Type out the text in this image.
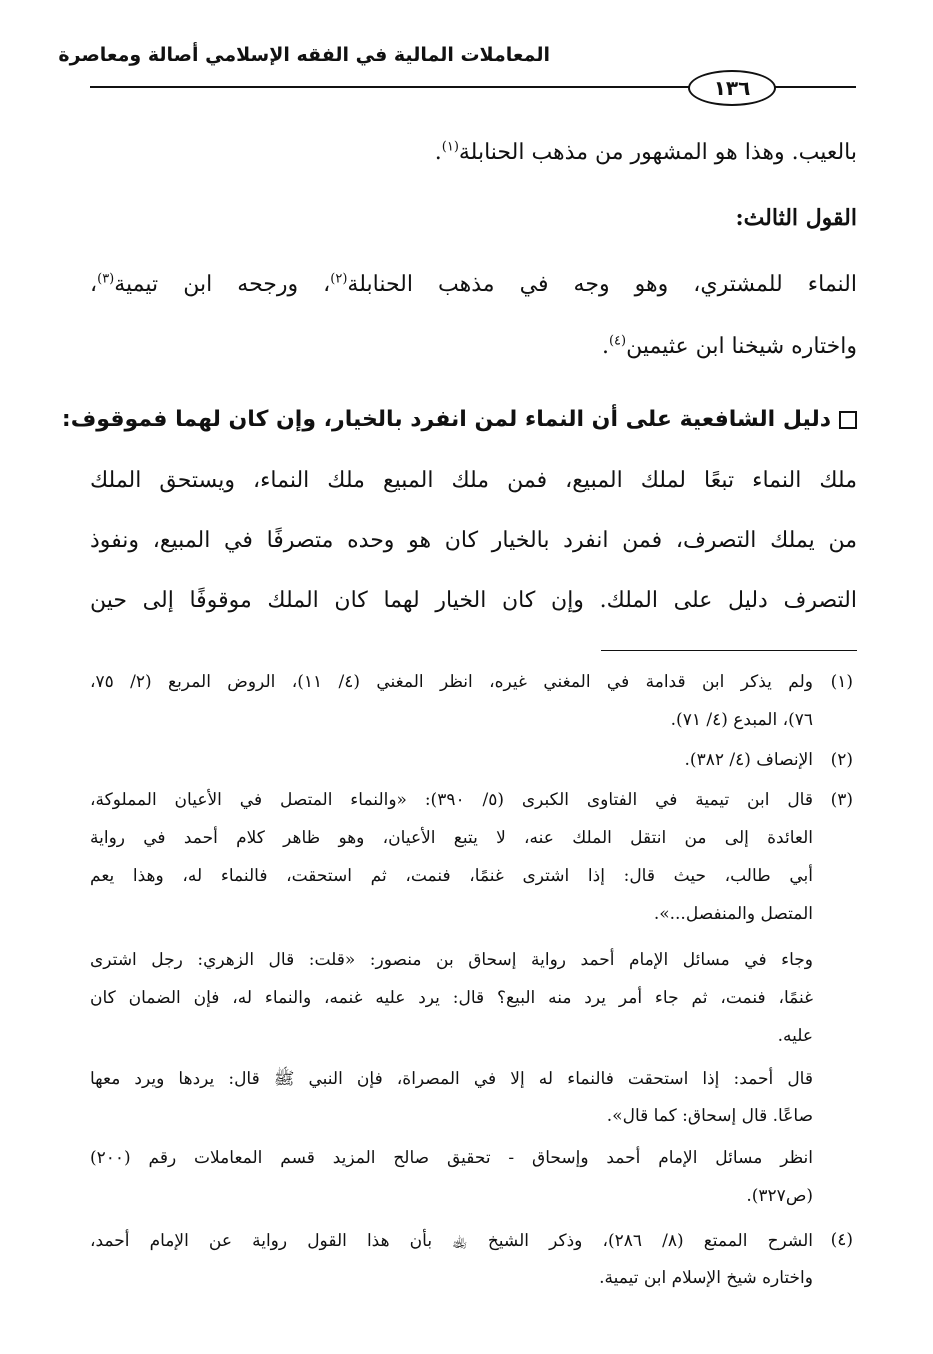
المعاملات المالية في الفقه الإسلامي أصالة ومعاصرة
١٣٦
بالعيب. وهذا هو المشهور من مذهب الحنابلة$^{(١)}$.
القول الثالث:
النماء للمشتري، وهو وجه في مذهب الحنابلة$^{(٢)}$، ورجحه ابن تيمية$^{(٣)}$،
واختاره شيخنا ابن عثيمين$^{(٤)}$.
دليل الشافعية على أن النماء لمن انفرد بالخيار، وإن كان لهما فموقوف:
ملك النماء تبعًا لملك المبيع، فمن ملك المبيع ملك النماء، ويستحق الملك
من يملك التصرف، فمن انفرد بالخيار كان هو وحده متصرفًا في المبيع، ونفوذ
التصرف دليل على الملك. وإن كان الخيار لهما كان الملك موقوفًا إلى حين
(١)
ولم يذكر ابن قدامة في المغني غيره، انظر المغني (٤/ ١١)، الروض المربع (٢/ ٧٥،
٧٦)، المبدع (٤/ ٧١).
(٢)
الإنصاف (٤/ ٣٨٢).
(٣)
قال ابن تيمية في الفتاوى الكبرى (٥/ ٣٩٠): «والنماء المتصل في الأعيان المملوكة،
العائدة إلى من انتقل الملك عنه، لا يتبع الأعيان، وهو ظاهر كلام أحمد في رواية
أبي طالب، حيث قال: إذا اشترى غنمًا، فنمت، ثم استحقت، فالنماء له، وهذا يعم
المتصل والمنفصل...».
وجاء في مسائل الإمام أحمد رواية إسحاق بن منصور: «قلت: قال الزهري: رجل اشترى
غنمًا، فنمت، ثم جاء أمر يرد منه البيع؟ قال: يرد عليه غنمه، والنماء له، فإن الضمان كان
عليه.
قال أحمد: إذا استحقت فالنماء له إلا في المصراة، فإن النبي ﷺ قال: يردها ويرد معها
صاعًا. قال إسحاق: كما قال».
انظر مسائل الإمام أحمد وإسحاق - تحقيق صالح المزيد قسم المعاملات رقم (٢٠٠)
(ص٣٢٧).
(٤)
الشرح الممتع (٨/ ٢٨٦)، وذكر الشيخ ﵀ بأن هذا القول رواية عن الإمام أحمد،
واختاره شيخ الإسلام ابن تيمية.
